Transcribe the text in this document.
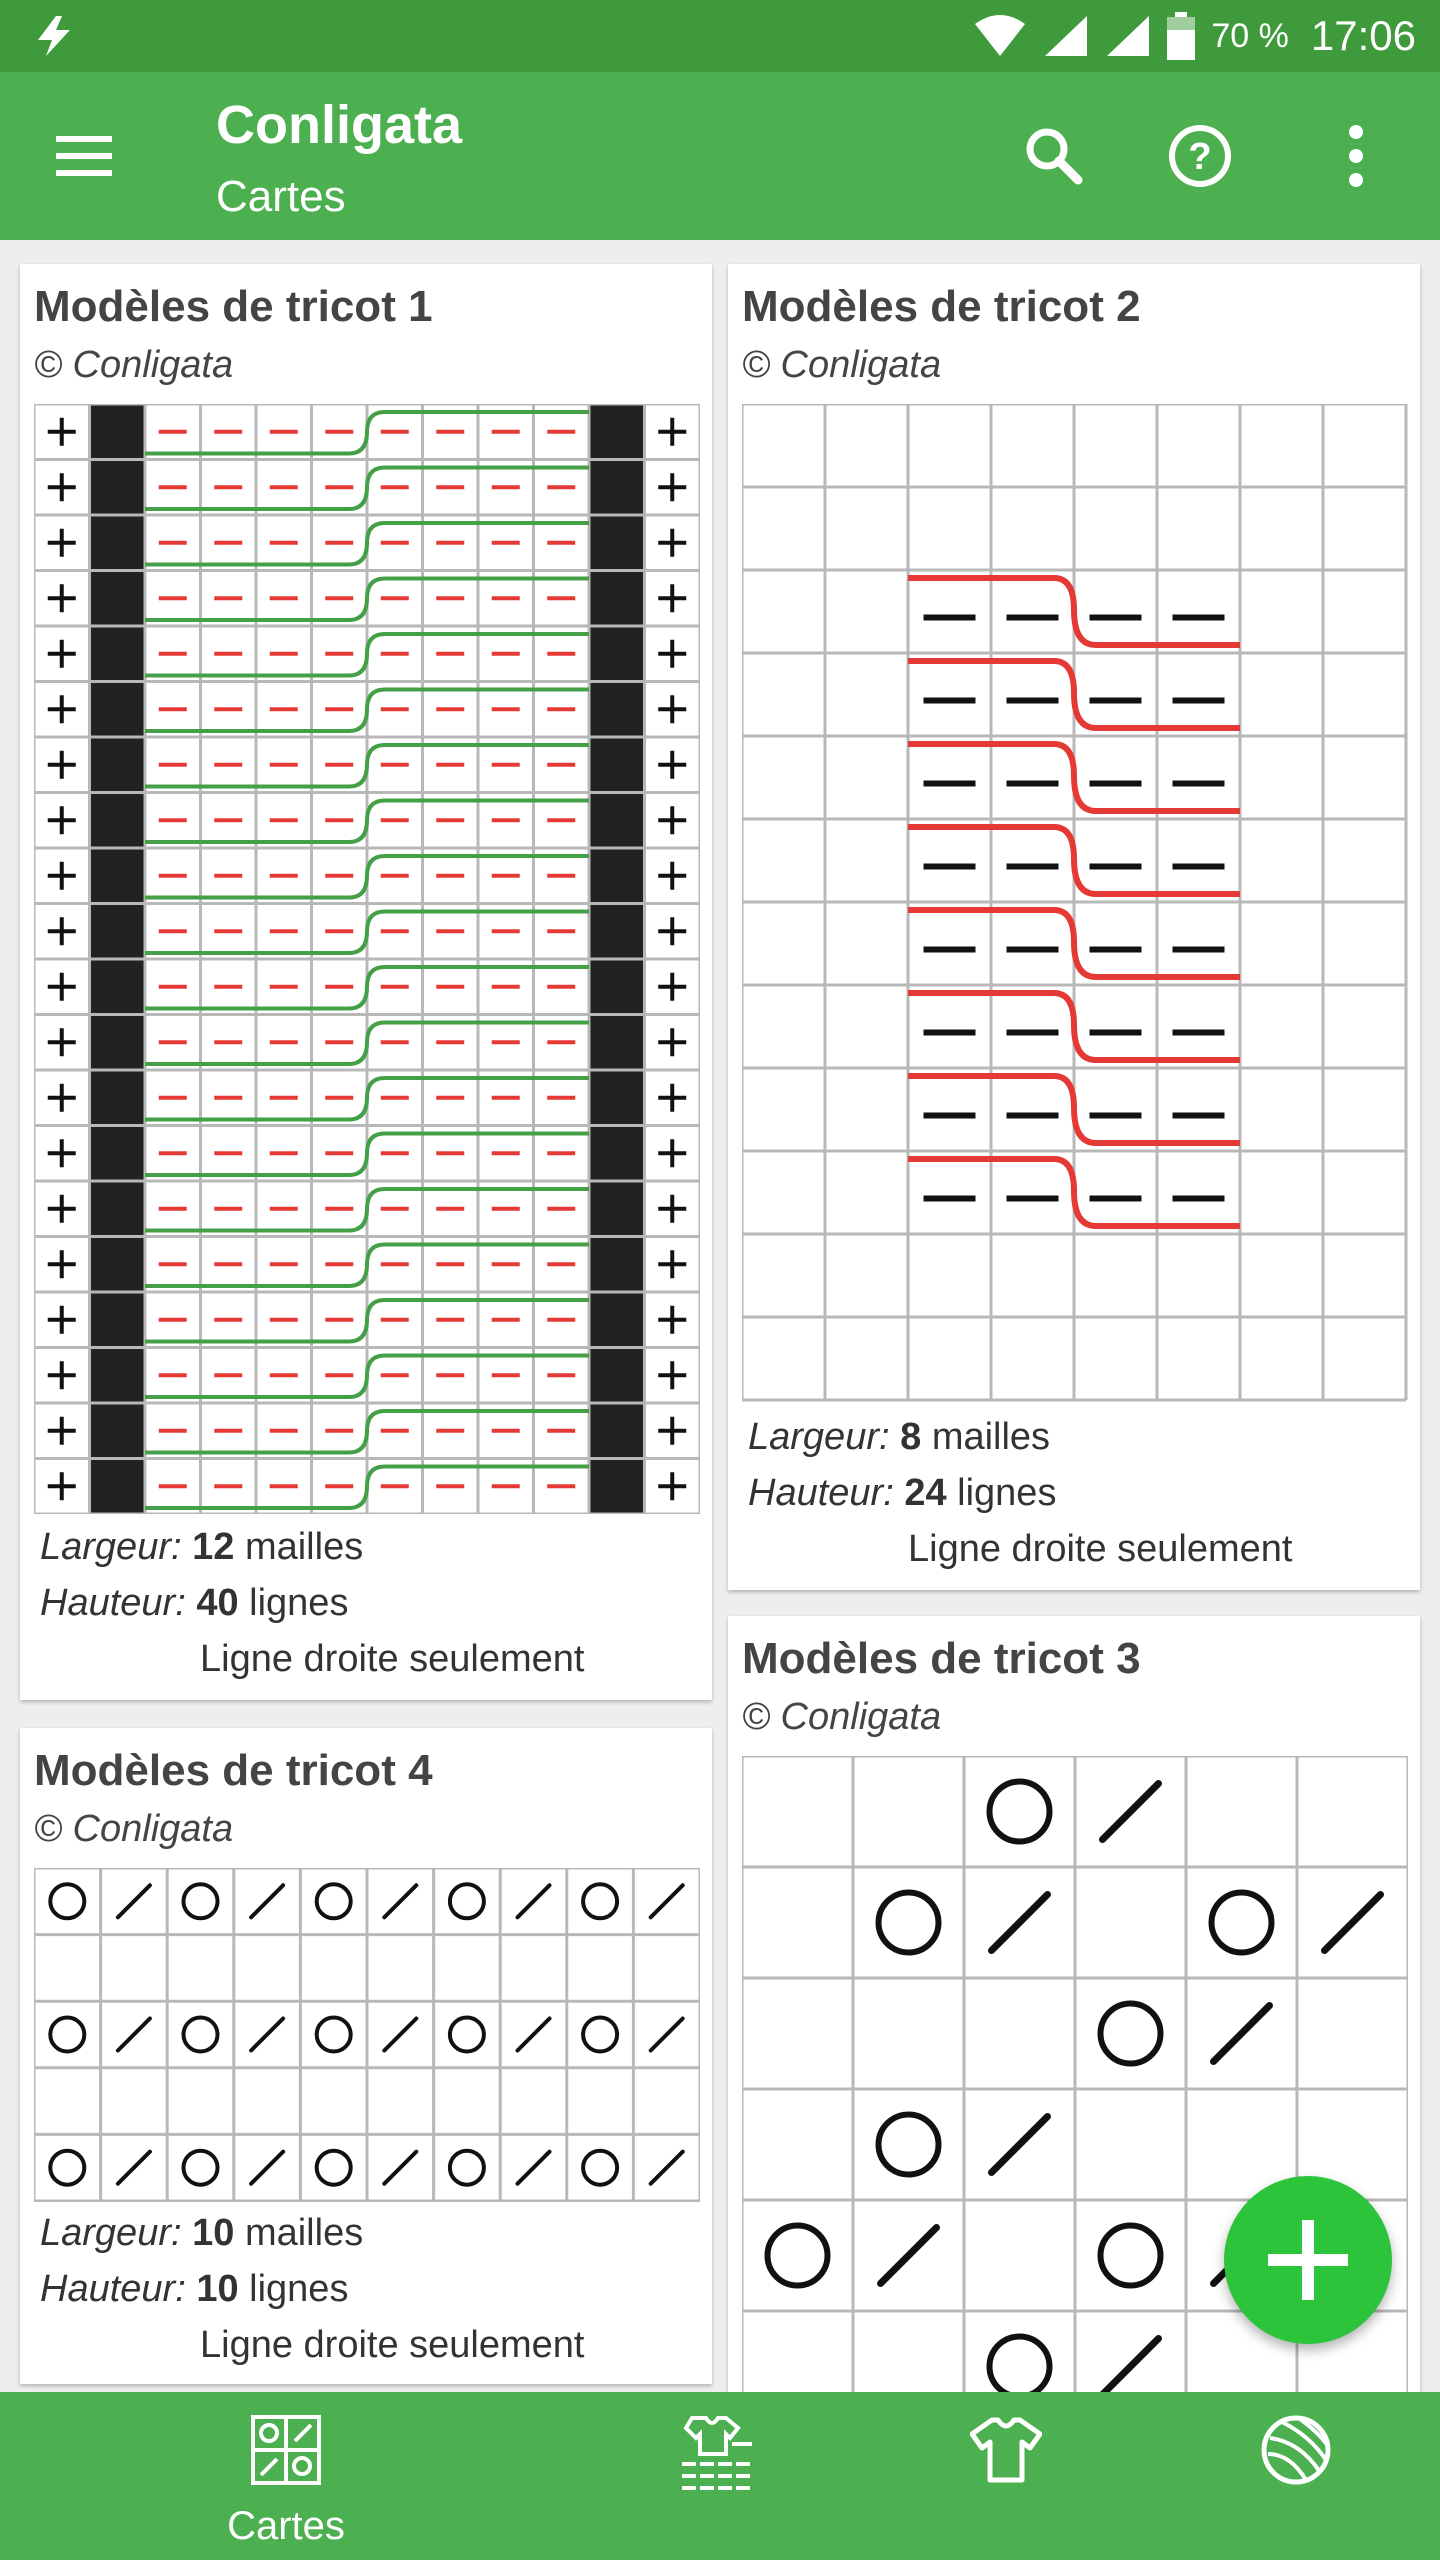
70 % 17:06
Conligata
Cartes
?
Modèles de tricot 1
© Conligata
Largeur: 12 mailles
Hauteur: 40 lignes
Ligne droite seulement
Modèles de tricot 2
© Conligata
Largeur: 8 mailles
Hauteur: 24 lignes
Ligne droite seulement
Modèles de tricot 4
© Conligata
Largeur: 10 mailles
Hauteur: 10 lignes
Ligne droite seulement
Modèles de tricot 3
© Conligata
Cartes
